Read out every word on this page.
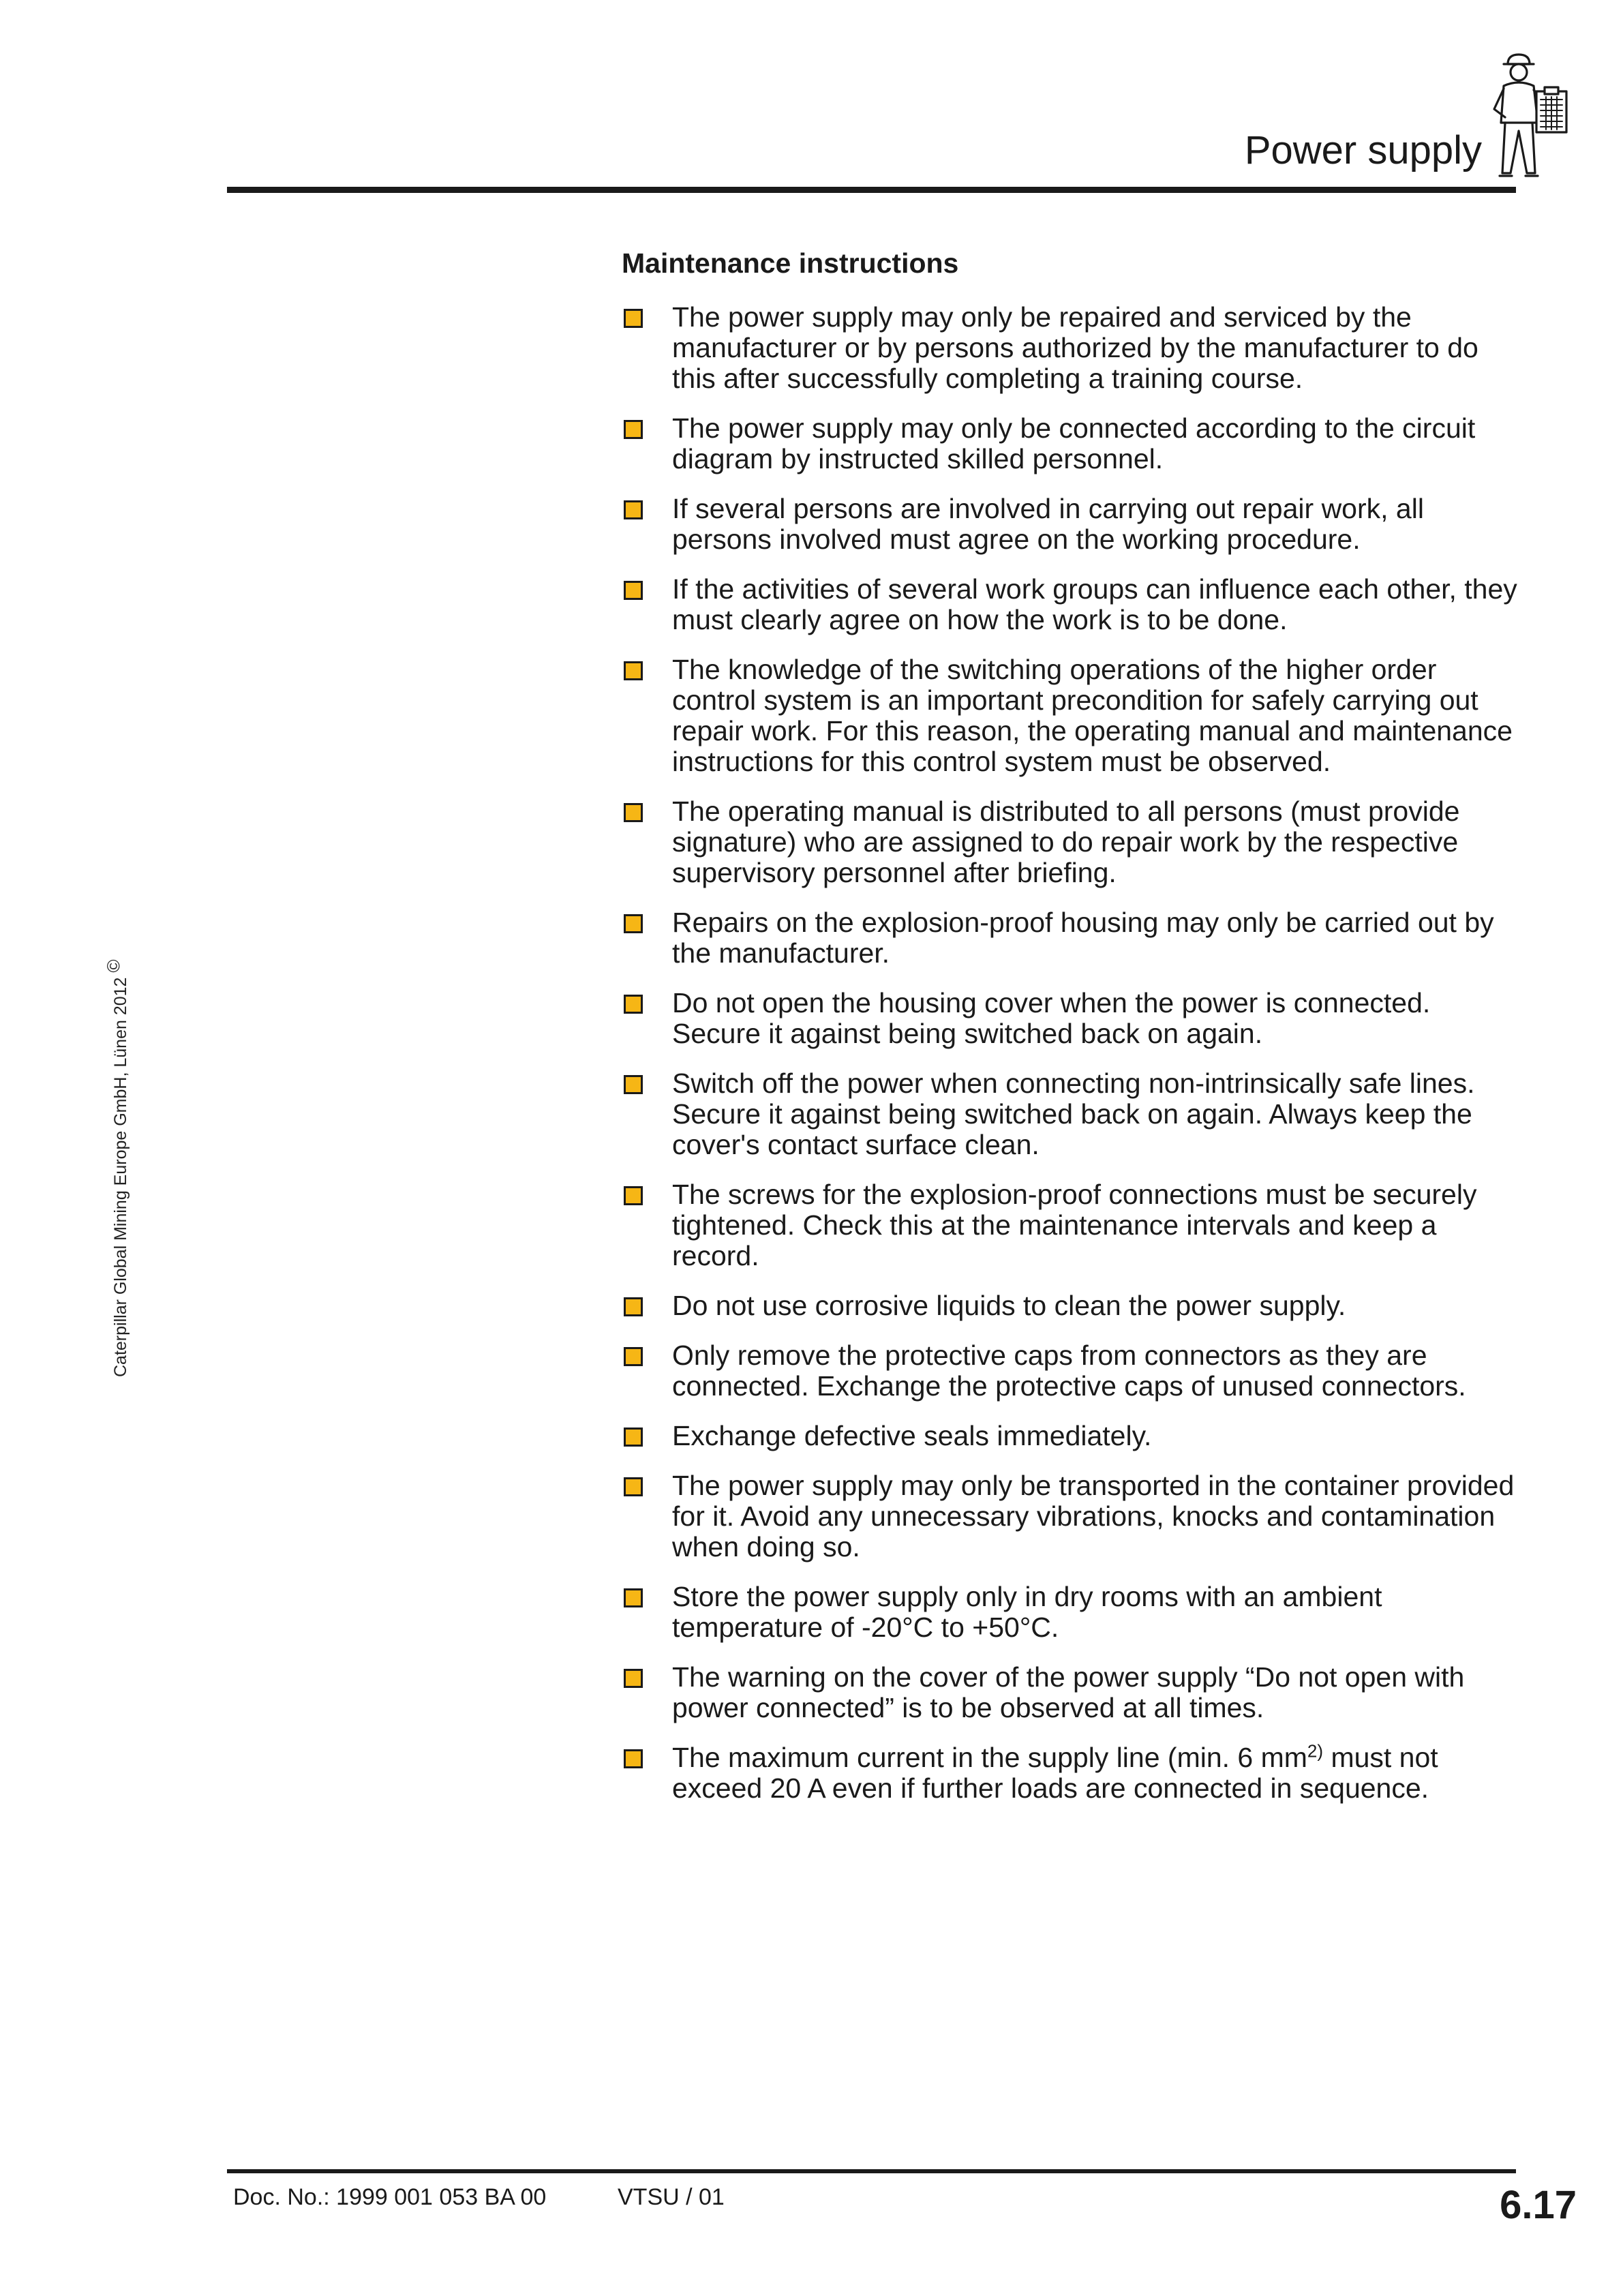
Power supply
Caterpillar Global Mining Europe GmbH, Lünen 2012 ©
Maintenance instructions
The power supply may only be repaired and serviced by the manufacturer or by persons authorized by the manufacturer to do this after successfully completing a training course.
The power supply may only be connected according to the circuit diagram by instructed skilled personnel.
If several persons are involved in carrying out repair work, all persons involved must agree on the working procedure.
If the activities of several work groups can influence each other, they must clearly agree on how the work is to be done.
The knowledge of the switching operations of the higher order control system is an important precondition for safely carrying out repair work. For this reason, the operating manual and maintenance instructions for this control system must be observed.
The operating manual is distributed to all persons (must provide signature) who are assigned to do repair work by the respective supervisory personnel after briefing.
Repairs on the explosion-proof housing may only be carried out by the manufacturer.
Do not open the housing cover when the power is connected. Secure it against being switched back on again.
Switch off the power when connecting non-intrinsically safe lines. Secure it against being switched back on again. Always keep the cover's contact surface clean.
The screws for the explosion-proof connections must be securely tightened. Check this at the maintenance intervals and keep a record.
Do not use corrosive liquids to clean the power supply.
Only remove the protective caps from connectors as they are connected. Exchange the protective caps of unused connectors.
Exchange defective seals immediately.
The power supply may only be transported in the container provided for it. Avoid any unnecessary vibrations, knocks and contamination when doing so.
Store the power supply only in dry rooms with an ambient temperature of -20°C to +50°C.
The warning on the cover of the power supply “Do not open with power connected” is to be observed at all times.
The maximum current in the supply line (min. 6 $mm^{2)}$ must not exceed 20 A even if further loads are connected in sequence.
Doc. No.: 1999 001 053 BA 00	VTSU / 01	6.17
